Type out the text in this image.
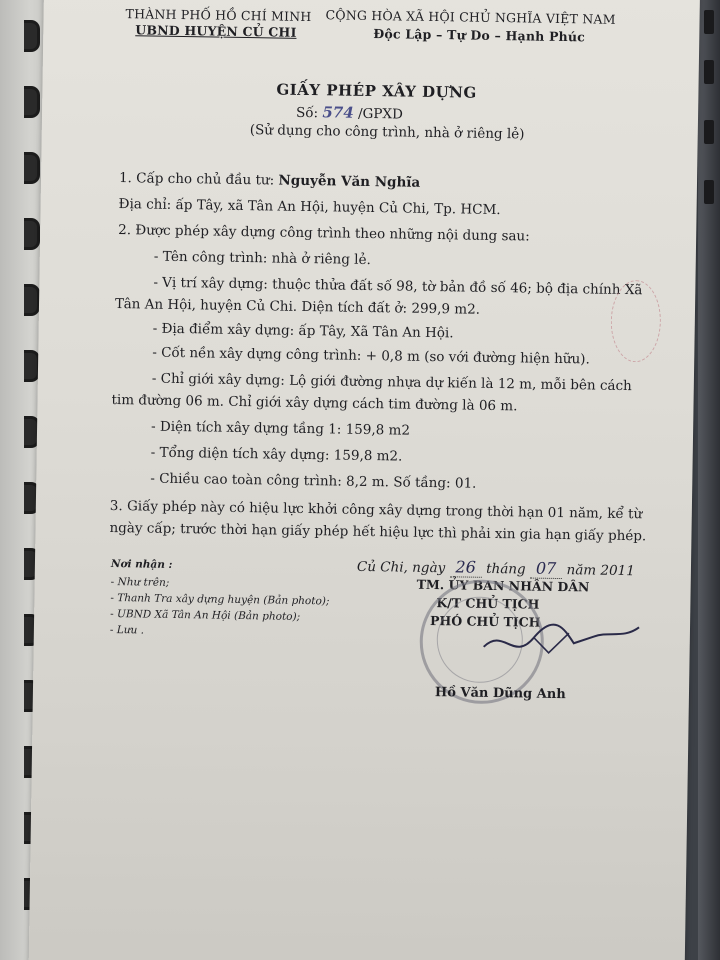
THÀNH PHỐ HỒ CHÍ MINH
UBND HUYỆN CỦ CHI
CỘNG HÒA XÃ HỘI CHỦ NGHĨA VIỆT NAM
Độc Lập – Tự Do – Hạnh Phúc
GIẤY PHÉP XÂY DỰNG
Số: 574 /GPXD
(Sử dụng cho công trình, nhà ở riêng lẻ)
1. Cấp cho chủ đầu tư: Nguyễn Văn Nghĩa
Địa chỉ: ấp Tây, xã Tân An Hội, huyện Củ Chi, Tp. HCM.
2. Được phép xây dựng công trình theo những nội dung sau:
- Tên công trình: nhà ở riêng lẻ.
- Vị trí xây dựng: thuộc thửa đất số 98, tờ bản đồ số 46; bộ địa chính Xã
Tân An Hội, huyện Củ Chi. Diện tích đất ở: 299,9 m2.
- Địa điểm xây dựng: ấp Tây, Xã Tân An Hội.
- Cốt nền xây dựng công trình: + 0,8 m (so với đường hiện hữu).
- Chỉ giới xây dựng: Lộ giới đường nhựa dự kiến là 12 m, mỗi bên cách
tim đường 06 m. Chỉ giới xây dựng cách tim đường là 06 m.
- Diện tích xây dựng tầng 1: 159,8 m2
- Tổng diện tích xây dựng: 159,8 m2.
- Chiều cao toàn công trình: 8,2 m. Số tầng: 01.
3. Giấy phép này có hiệu lực khởi công xây dựng trong thời hạn 01 năm, kể từ
ngày cấp; trước thời hạn giấy phép hết hiệu lực thì phải xin gia hạn giấy phép.
Nơi nhận :
- Như trên;
- Thanh Tra xây dựng huyện (Bản photo);
- UBND Xã Tân An Hội (Bản photo);
- Lưu .
Củ Chi, ngày 26 tháng 07 năm 2011
TM. ỦY BAN NHÂN DÂN
K/T CHỦ TỊCH
PHÓ CHỦ TỊCH
Hồ Văn Dũng Anh
